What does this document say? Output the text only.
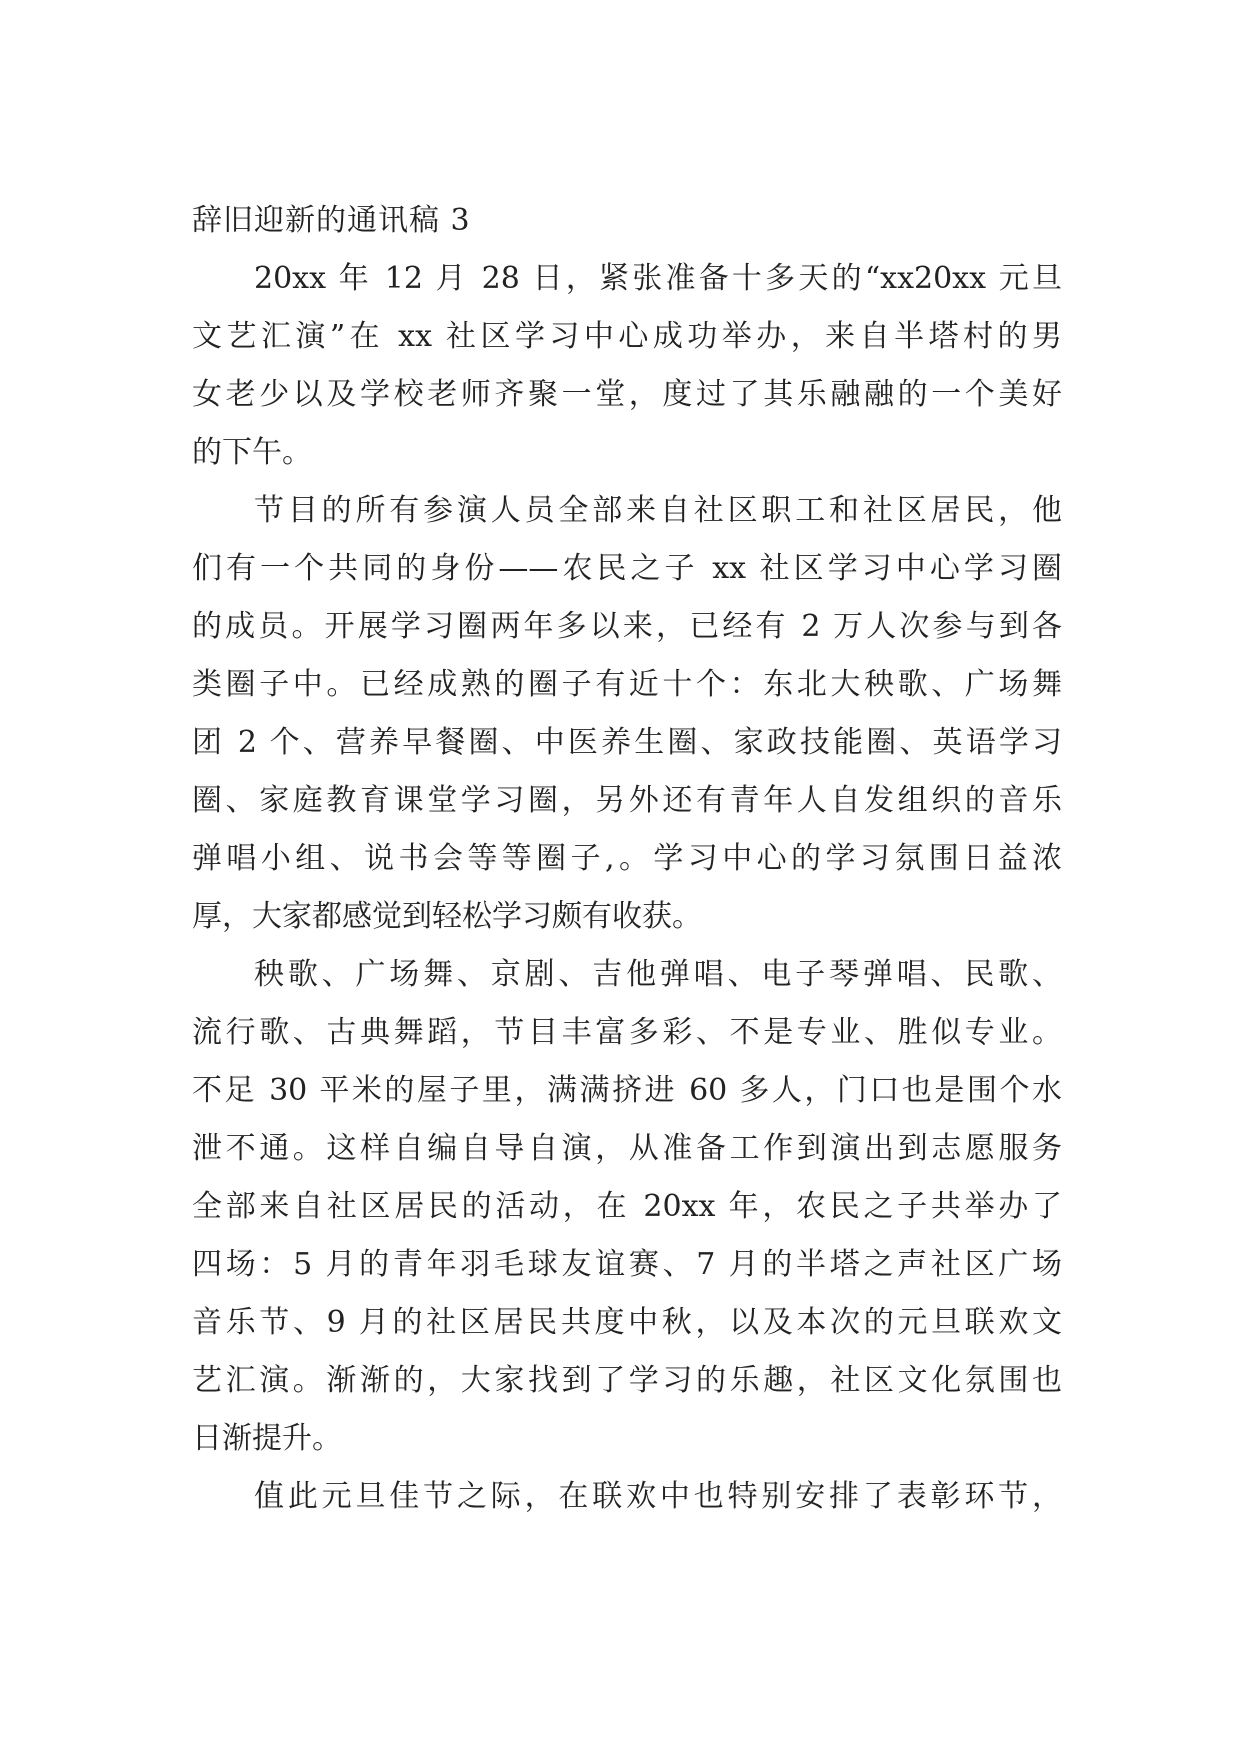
辞旧迎新的通讯稿 3
20xx 年 12 月 28 日，紧张准备十多天的“xx20xx 元旦
文艺汇演”在 xx 社区学习中心成功举办，来自半塔村的男
女老少以及学校老师齐聚一堂，度过了其乐融融的一个美好
的下午。
节目的所有参演人员全部来自社区职工和社区居民，他
们有一个共同的身份——农民之子 xx 社区学习中心学习圈
的成员。开展学习圈两年多以来，已经有 2 万人次参与到各
类圈子中。已经成熟的圈子有近十个：东北大秧歌、广场舞
团 2 个、营养早餐圈、中医养生圈、家政技能圈、英语学习
圈、家庭教育课堂学习圈，另外还有青年人自发组织的音乐
弹唱小组、说书会等等圈子,。学习中心的学习氛围日益浓
厚，大家都感觉到轻松学习颇有收获。
秧歌、广场舞、京剧、吉他弹唱、电子琴弹唱、民歌、
流行歌、古典舞蹈，节目丰富多彩、不是专业、胜似专业。
不足 30 平米的屋子里，满满挤进 60 多人，门口也是围个水
泄不通。这样自编自导自演，从准备工作到演出到志愿服务
全部来自社区居民的活动，在 20xx 年，农民之子共举办了
四场：5 月的青年羽毛球友谊赛、7 月的半塔之声社区广场
音乐节、9 月的社区居民共度中秋，以及本次的元旦联欢文
艺汇演。渐渐的，大家找到了学习的乐趣，社区文化氛围也
日渐提升。
值此元旦佳节之际，在联欢中也特别安排了表彰环节，
